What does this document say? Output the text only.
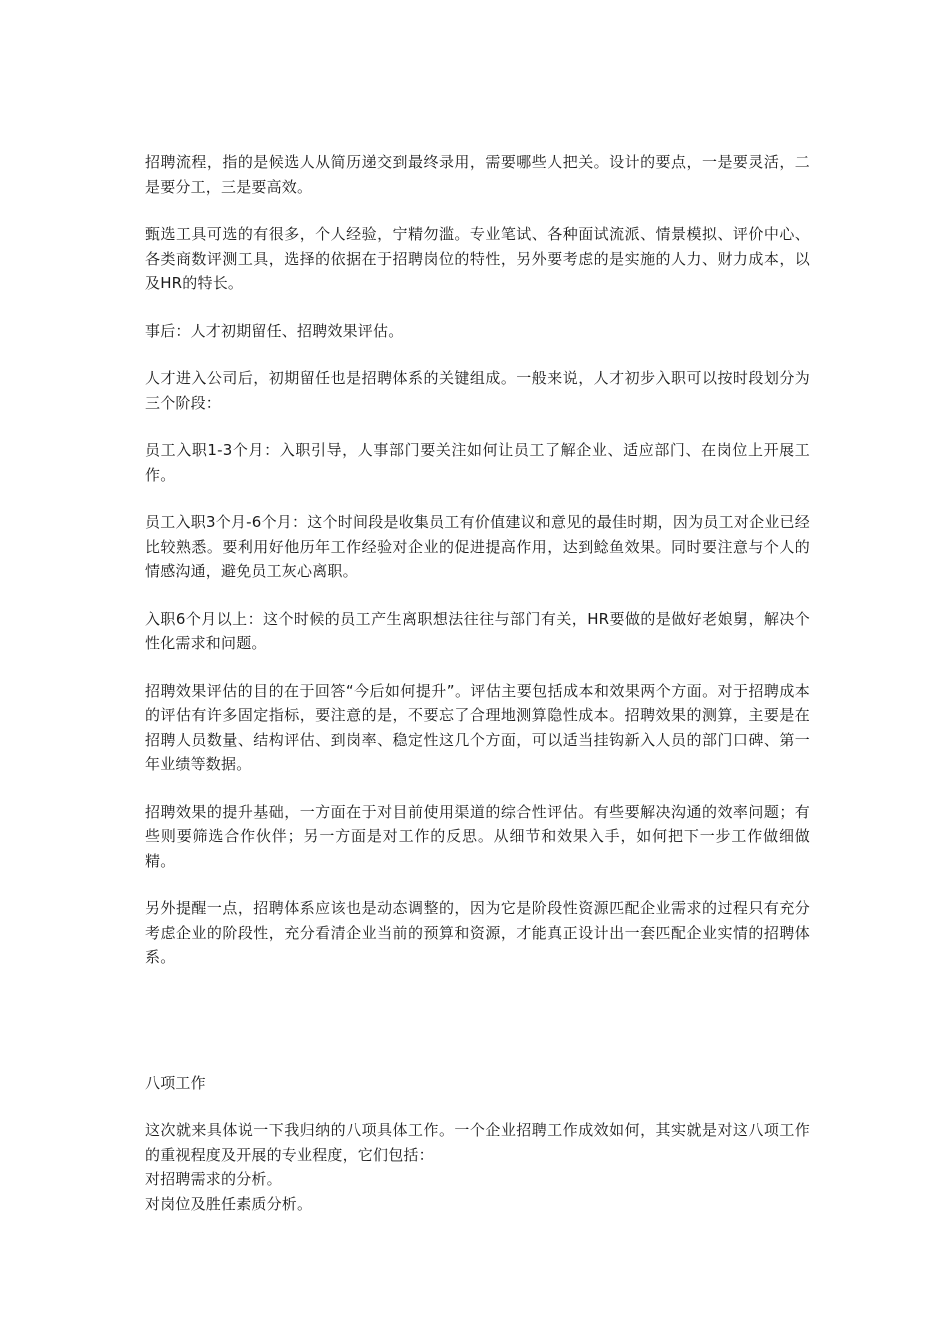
招聘流程，指的是候选人从简历递交到最终录用，需要哪些人把关。设计的要点，一是要灵活，二是要分工，三是要高效。

甄选工具可选的有很多，个人经验，宁精勿滥。专业笔试、各种面试流派、情景模拟、评价中心、各类商数评测工具，选择的依据在于招聘岗位的特性，另外要考虑的是实施的人力、财力成本，以及HR的特长。

事后：人才初期留任、招聘效果评估。

人才进入公司后，初期留任也是招聘体系的关键组成。一般来说，人才初步入职可以按时段划分为三个阶段：

员工入职1-3个月：入职引导，人事部门要关注如何让员工了解企业、适应部门、在岗位上开展工作。

员工入职3个月-6个月：这个时间段是收集员工有价值建议和意见的最佳时期，因为员工对企业已经比较熟悉。要利用好他历年工作经验对企业的促进提高作用，达到鲶鱼效果。同时要注意与个人的情感沟通，避免员工灰心离职。

入职6个月以上：这个时候的员工产生离职想法往往与部门有关，HR要做的是做好老娘舅，解决个性化需求和问题。

招聘效果评估的目的在于回答“今后如何提升”。评估主要包括成本和效果两个方面。对于招聘成本的评估有许多固定指标，要注意的是，不要忘了合理地测算隐性成本。招聘效果的测算，主要是在招聘人员数量、结构评估、到岗率、稳定性这几个方面，可以适当挂钩新入人员的部门口碑、第一年业绩等数据。

招聘效果的提升基础，一方面在于对目前使用渠道的综合性评估。有些要解决沟通的效率问题；有些则要筛选合作伙伴；另一方面是对工作的反思。从细节和效果入手，如何把下一步工作做细做精。

另外提醒一点，招聘体系应该也是动态调整的，因为它是阶段性资源匹配企业需求的过程只有充分考虑企业的阶段性，充分看清企业当前的预算和资源，才能真正设计出一套匹配企业实情的招聘体系。

八项工作

这次就来具体说一下我归纳的八项具体工作。一个企业招聘工作成效如何，其实就是对这八项工作的重视程度及开展的专业程度，它们包括：

对招聘需求的分析。
对岗位及胜任素质分析。
